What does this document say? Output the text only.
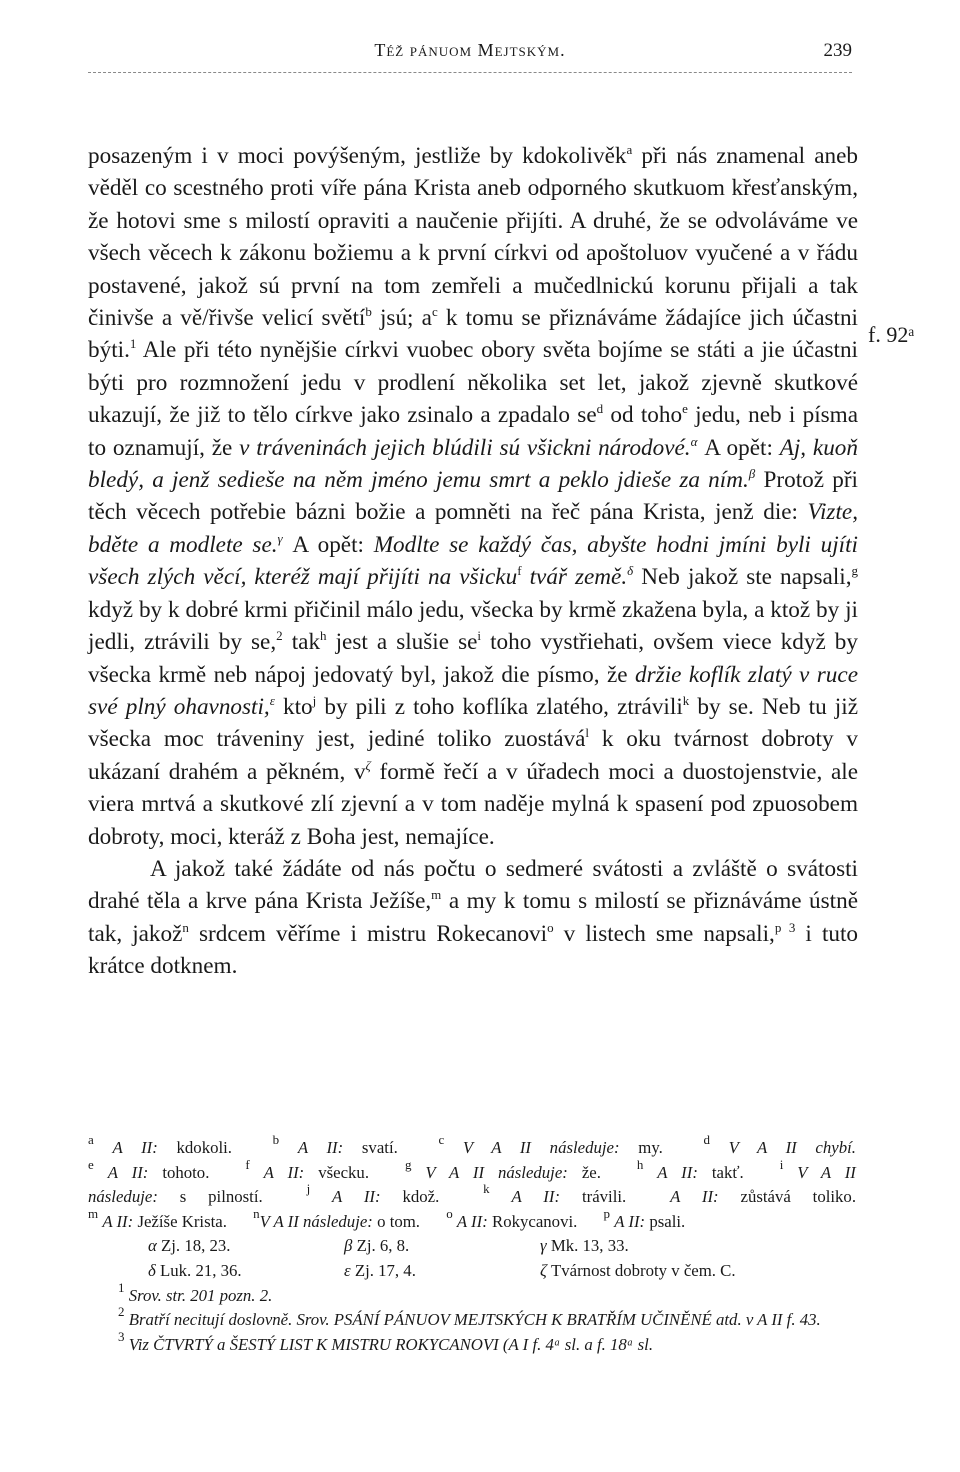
Též pánuom Mejtským.	239
f. 92ᵃ

posazeným i v moci povýšeným, jestliže by kdokolivěk$^a$ při nás znamenal aneb věděl co scestného proti víře pána Krista aneb odporného skutkuom křesťanským, že hotovi sme s milostí opraviti a naučenie přijíti. A druhé, že se odvoláváme ve všech věcech k zákonu božiemu a k první církvi od apoštoluov vyučené a v řádu postavené, jakož sú první na tom zemřeli a mučedlnickú korunu přijali a tak činivše a vě/řivše velicí světí$^b$ jsú; $a^c$ k tomu se přiznáváme žádajíce jich účastni býti.$^1$ Ale při této nynějšie církvi vuobec obory světa bojíme se státi a jie účastni býti pro rozmnožení jedu v prodlení několika set let, jakož zjevně skutkové ukazují, že již to tělo církve jako zsinalo a zpadalo $se^d$ od toho$^e$ jedu, neb i písma to oznamují, že v tráveninách jejich blúdili sú všickni národové.$^\alpha$ A opět: Aj, kuoň bledý, a jenž sedieše na něm jméno jemu smrt a peklo jdieše za ním.$^\beta$ Protož při těch věcech potřebie bázni božie a pomněti na řeč pána Krista, jenž die: Vizte, bděte a modlete se.$^\gamma$ A opět: Modlte se každý čas, abyšte hodni jmíni byli ujíti všech zlých věcí, kteréž mají přijíti na všicku$^f$ tvář země.$^\delta$ Neb jakož ste napsali,$^g$ když by k dobré krmi přičinil málo jedu, všecka by krmě zkažena byla, a ktož by ji jedli, ztrávili by se,$^2$ tak$^h$ jest a slušie $se^i$ toho vystřiehati, ovšem viece když by všecka krmě neb nápoj jedovatý byl, jakož die písmo, že držie koflík zlatý v ruce své plný ohavnosti,$^\varepsilon$ kto$^j$ by pili z toho koflíka zlatého, ztrávili$^k$ by se. Neb tu již všecka moc tráveniny jest, jediné toliko zuostává$^l$ k oku tvárnost dobroty v ukázaní drahém a pěkném, $v^\zeta$ formě řečí a v úřadech moci a duostojenstvie, ale viera mrtvá a skutkové zlí zjevní a v tom naděje mylná k spasení pod zpuosobem dobroty, moci, kteráž z Boha jest, nemajíce.

A jakož také žádáte od nás počtu o sedmeré svátosti a zvláště o svátosti drahé těla a krve pána Krista Ježíše,$^m$ a my k tomu s milostí se přiznáváme ústně tak, jakož$^n$ srdcem věříme i mistru Rokecanovi$^o$ v listech sme napsali,$^{p 3}$ i tuto krátce dotknem.

$^a$ A II: kdokoli.	$^b$ A II: svatí.	$^c$ V A II následuje: my.	$^d$ V A II chybí.
$^e$ A II: tohoto.	$^f$ A II: všecku.	$^g$ V A II následuje: že.	$^h$ A II: takť.	$^i$ V A II
následuje: s pilností.	$^j$ A II: kdož.	$^k$ A II: trávili.	A II: zůstává toliko.
$^m$ A II: Ježíše Krista. $^n$V A II následuje: o tom. $^o$ A II: Rokycanovi. $^p$ A II: psali.
α Zj. 18, 23.	β Zj. 6, 8.	γ Mk. 13, 33.
δ Luk. 21, 36.	ε Zj. 17, 4.	ζ Tvárnost dobroty v čem. C.
$^1$ Srov. str. 201 pozn. 2.
$^2$ Bratří necitují doslovně. Srov. PSÁNÍ PÁNUOV MEJTSKÝCH K BRATŘÍM UČINĚNÉ atd. v A II f. 43.
$^3$ Viz ČTVRTÝ a ŠESTÝ LIST K MISTRU ROKYCANOVI (A I f. 4ᵃ sl. a f. 18ᵃ sl.
